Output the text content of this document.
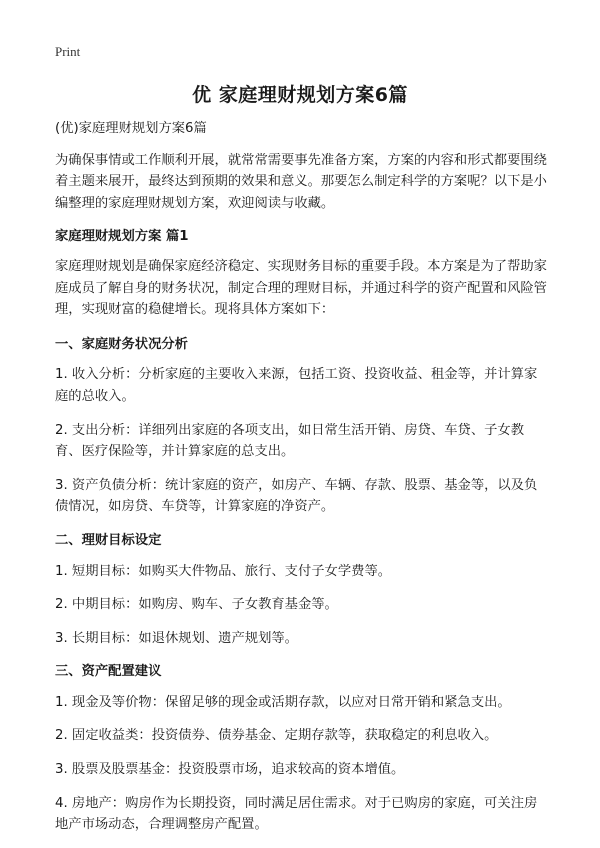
Print
优 家庭理财规划方案6篇

(优)家庭理财规划方案6篇

为确保事情或工作顺利开展，就常常需要事先准备方案，方案的内容和形式都要围绕着主题来展开，最终达到预期的效果和意义。那要怎么制定科学的方案呢？以下是小编整理的家庭理财规划方案，欢迎阅读与收藏。

家庭理财规划方案 篇1

家庭理财规划是确保家庭经济稳定、实现财务目标的重要手段。本方案是为了帮助家庭成员了解自身的财务状况，制定合理的理财目标，并通过科学的资产配置和风险管理，实现财富的稳健增长。现将具体方案如下：

一、家庭财务状况分析

1. 收入分析：分析家庭的主要收入来源，包括工资、投资收益、租金等，并计算家庭的总收入。

2. 支出分析：详细列出家庭的各项支出，如日常生活开销、房贷、车贷、子女教育、医疗保险等，并计算家庭的总支出。

3. 资产负债分析：统计家庭的资产，如房产、车辆、存款、股票、基金等，以及负债情况，如房贷、车贷等，计算家庭的净资产。

二、理财目标设定

1. 短期目标：如购买大件物品、旅行、支付子女学费等。

2. 中期目标：如购房、购车、子女教育基金等。

3. 长期目标：如退休规划、遗产规划等。

三、资产配置建议

1. 现金及等价物：保留足够的现金或活期存款，以应对日常开销和紧急支出。

2. 固定收益类：投资债券、债券基金、定期存款等，获取稳定的利息收入。

3. 股票及股票基金：投资股票市场，追求较高的资本增值。

4. 房地产：购房作为长期投资，同时满足居住需求。对于已购房的家庭，可关注房地产市场动态，合理调整房产配置。
